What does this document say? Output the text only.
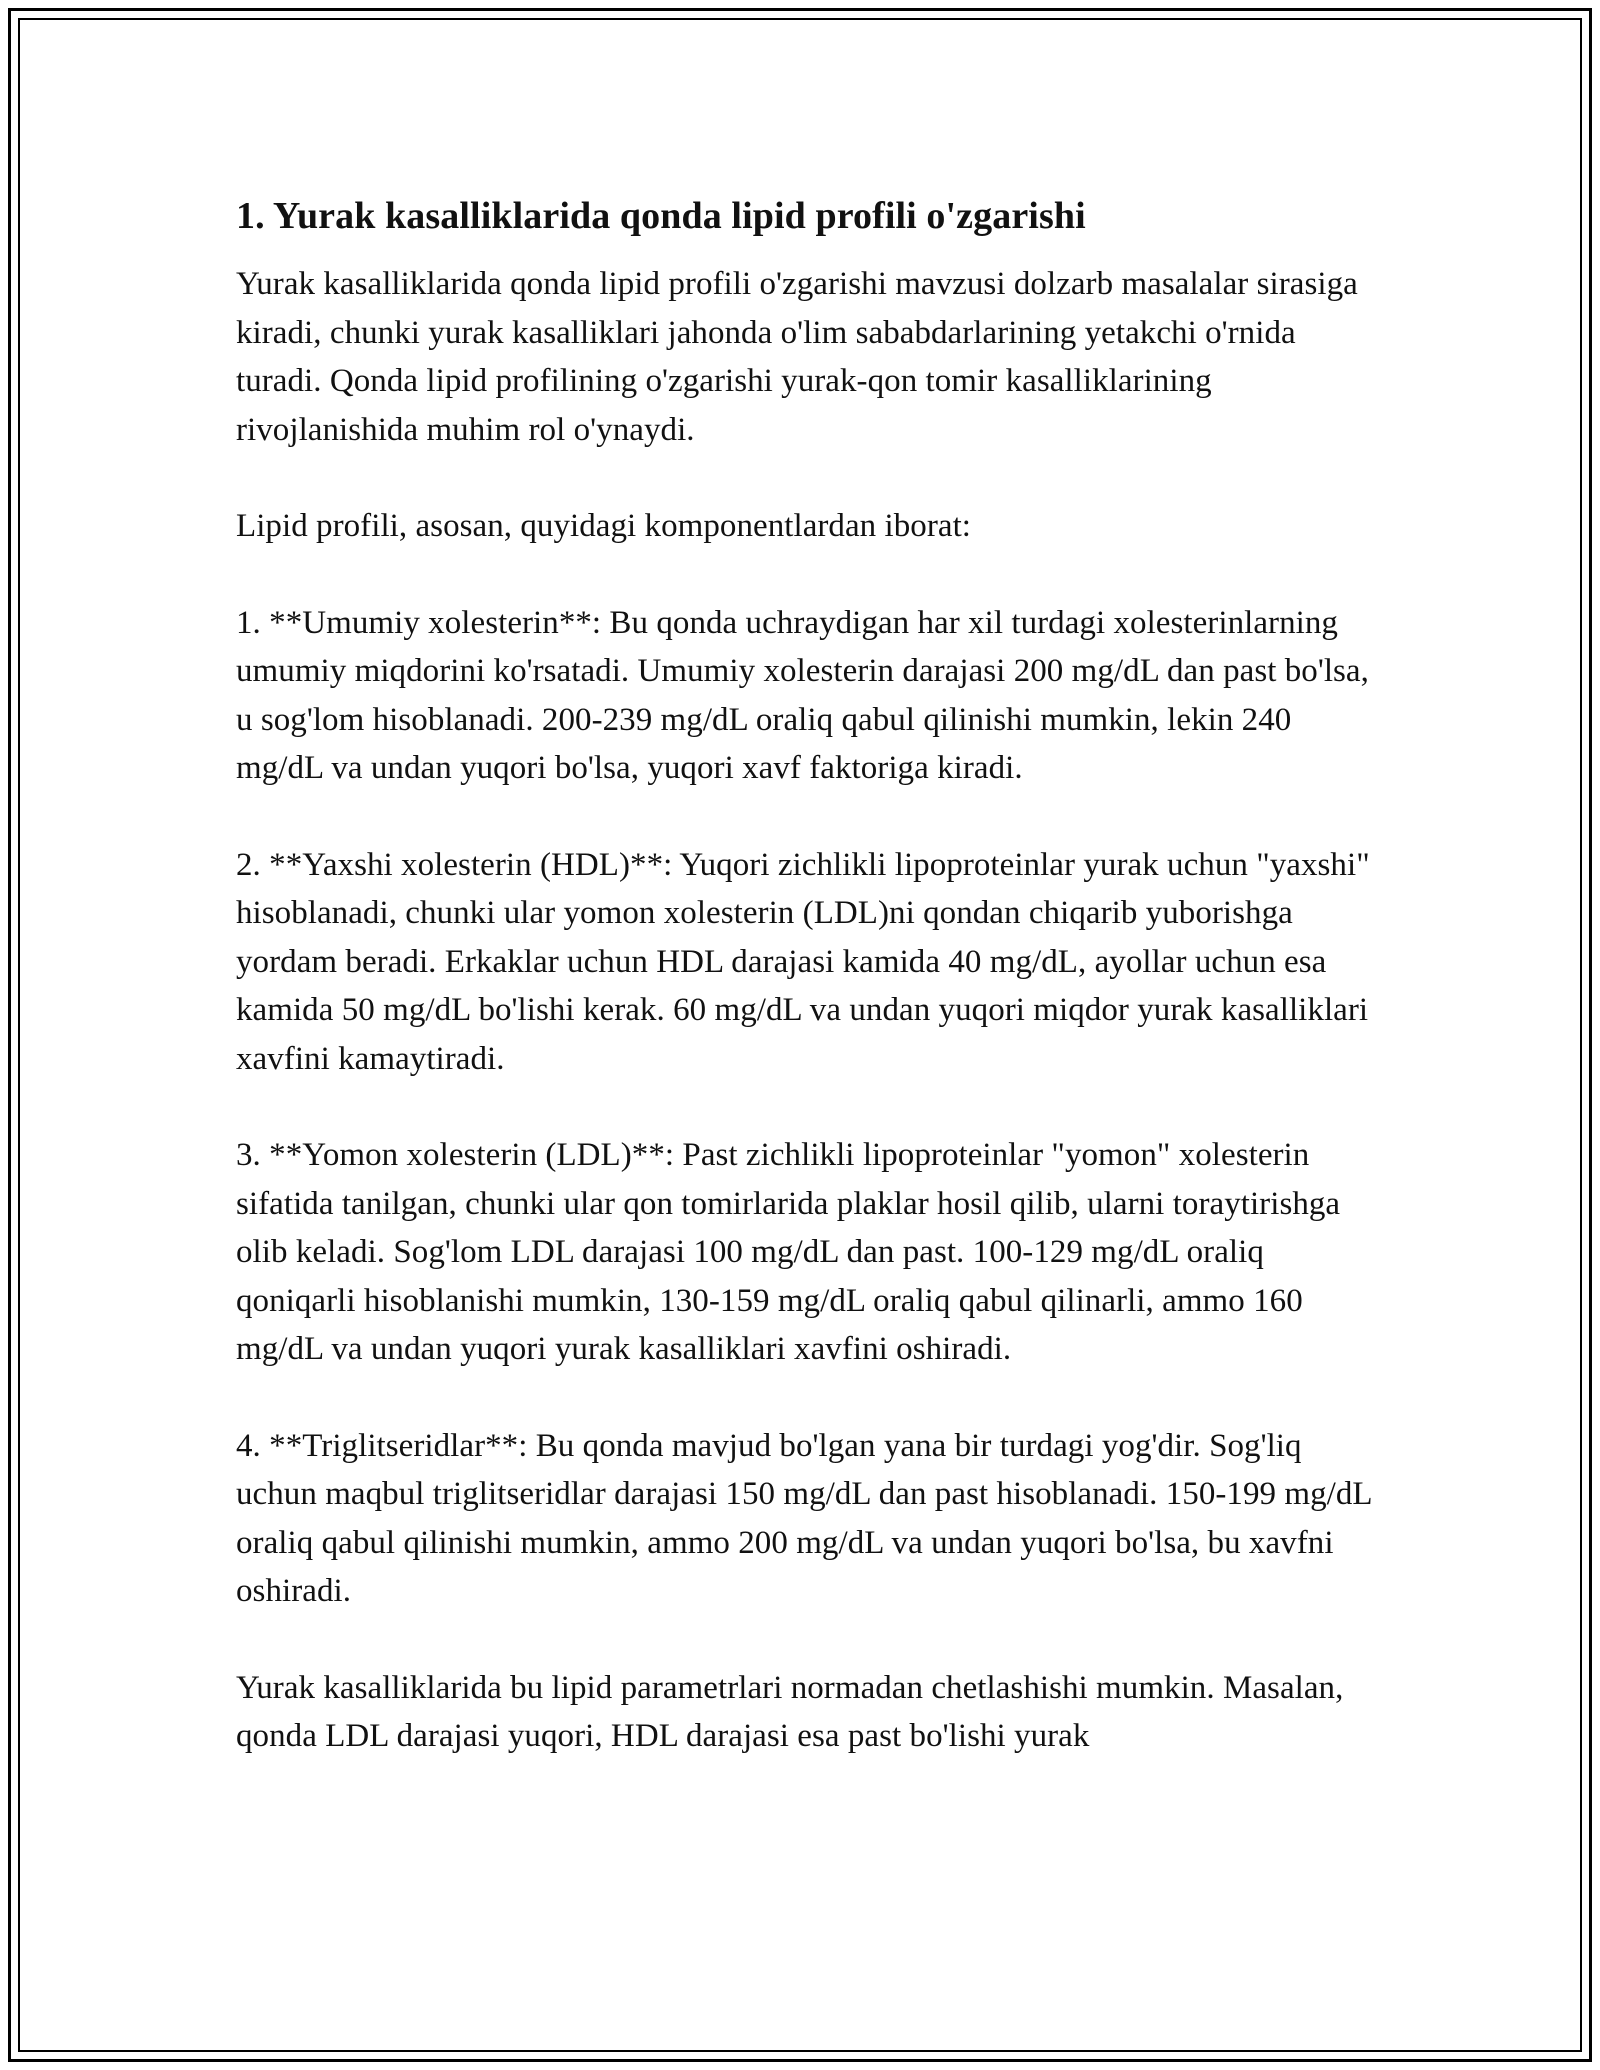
1. Yurak kasalliklarida qonda lipid profili o'zgarishi

Yurak kasalliklarida qonda lipid profili o'zgarishi mavzusi dolzarb masalalar sirasiga kiradi, chunki yurak kasalliklari jahonda o'lim sababdarlarining yetakchi o'rnida turadi. Qonda lipid profilining o'zgarishi yurak-qon tomir kasalliklarining rivojlanishida muhim rol o'ynaydi.

Lipid profili, asosan, quyidagi komponentlardan iborat:

1. **Umumiy xolesterin**: Bu qonda uchraydigan har xil turdagi xolesterinlarning umumiy miqdorini ko'rsatadi. Umumiy xolesterin darajasi 200 mg/dL dan past bo'lsa, u sog'lom hisoblanadi. 200-239 mg/dL oraliq qabul qilinishi mumkin, lekin 240 mg/dL va undan yuqori bo'lsa, yuqori xavf faktoriga kiradi.

2. **Yaxshi xolesterin (HDL)**: Yuqori zichlikli lipoproteinlar yurak uchun "yaxshi" hisoblanadi, chunki ular yomon xolesterin (LDL)ni qondan chiqarib yuborishga yordam beradi. Erkaklar uchun HDL darajasi kamida 40 mg/dL, ayollar uchun esa kamida 50 mg/dL bo'lishi kerak. 60 mg/dL va undan yuqori miqdor yurak kasalliklari xavfini kamaytiradi.

3. **Yomon xolesterin (LDL)**: Past zichlikli lipoproteinlar "yomon" xolesterin sifatida tanilgan, chunki ular qon tomirlarida plaklar hosil qilib, ularni toraytirishga olib keladi. Sog'lom LDL darajasi 100 mg/dL dan past. 100-129 mg/dL oraliq qoniqarli hisoblanishi mumkin, 130-159 mg/dL oraliq qabul qilinarli, ammo 160 mg/dL va undan yuqori yurak kasalliklari xavfini oshiradi.

4. **Triglitseridlar**: Bu qonda mavjud bo'lgan yana bir turdagi yog'dir. Sog'liq uchun maqbul triglitseridlar darajasi 150 mg/dL dan past hisoblanadi. 150-199 mg/dL oraliq qabul qilinishi mumkin, ammo 200 mg/dL va undan yuqori bo'lsa, bu xavfni oshiradi.

Yurak kasalliklarida bu lipid parametrlari normadan chetlashishi mumkin. Masalan, qonda LDL darajasi yuqori, HDL darajasi esa past bo'lishi yurak
